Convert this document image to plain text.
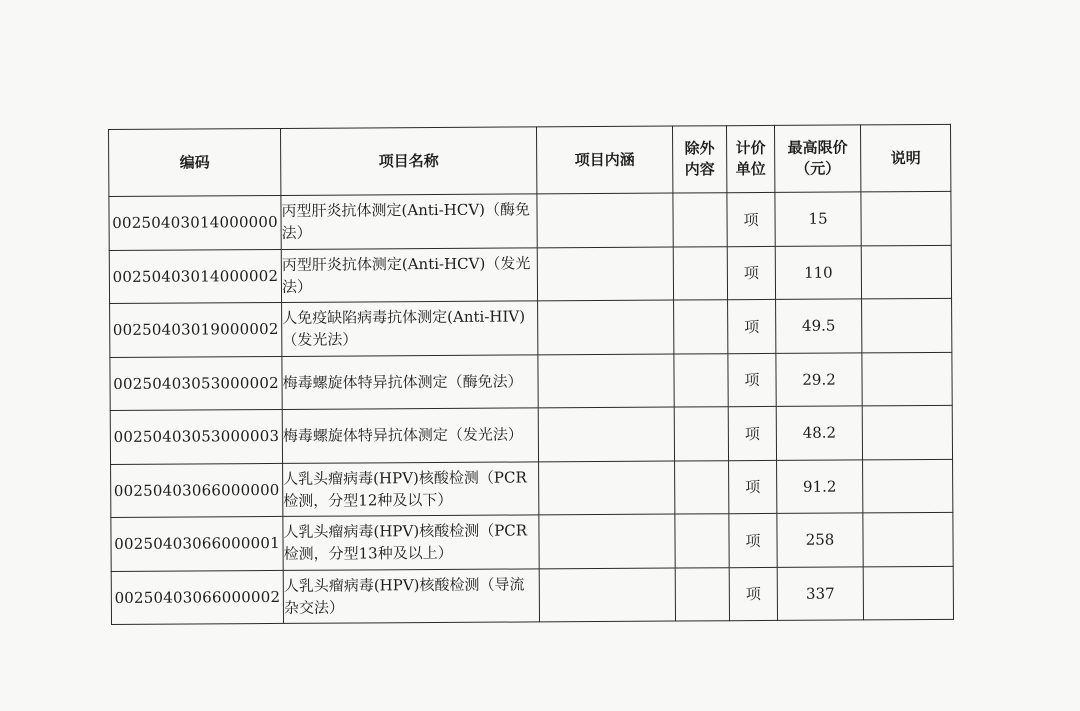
编码	项目名称	项目内涵	除外内容	计价单位	最高限价（元）	说明
00250403014000000	丙型肝炎抗体测定(Anti-HCV)（酶免法）			项	15	
00250403014000002	丙型肝炎抗体测定(Anti-HCV)（发光法）			项	110	
00250403019000002	人免疫缺陷病毒抗体测定(Anti-HIV)（发光法）			项	49.5	
00250403053000002	梅毒螺旋体特异抗体测定（酶免法）			项	29.2	
00250403053000003	梅毒螺旋体特异抗体测定（发光法）			项	48.2	
00250403066000000	人乳头瘤病毒(HPV)核酸检测（PCR检测，分型12种及以下）			项	91.2	
00250403066000001	人乳头瘤病毒(HPV)核酸检测（PCR检测，分型13种及以上）			项	258	
00250403066000002	人乳头瘤病毒(HPV)核酸检测（导流杂交法）			项	337	
